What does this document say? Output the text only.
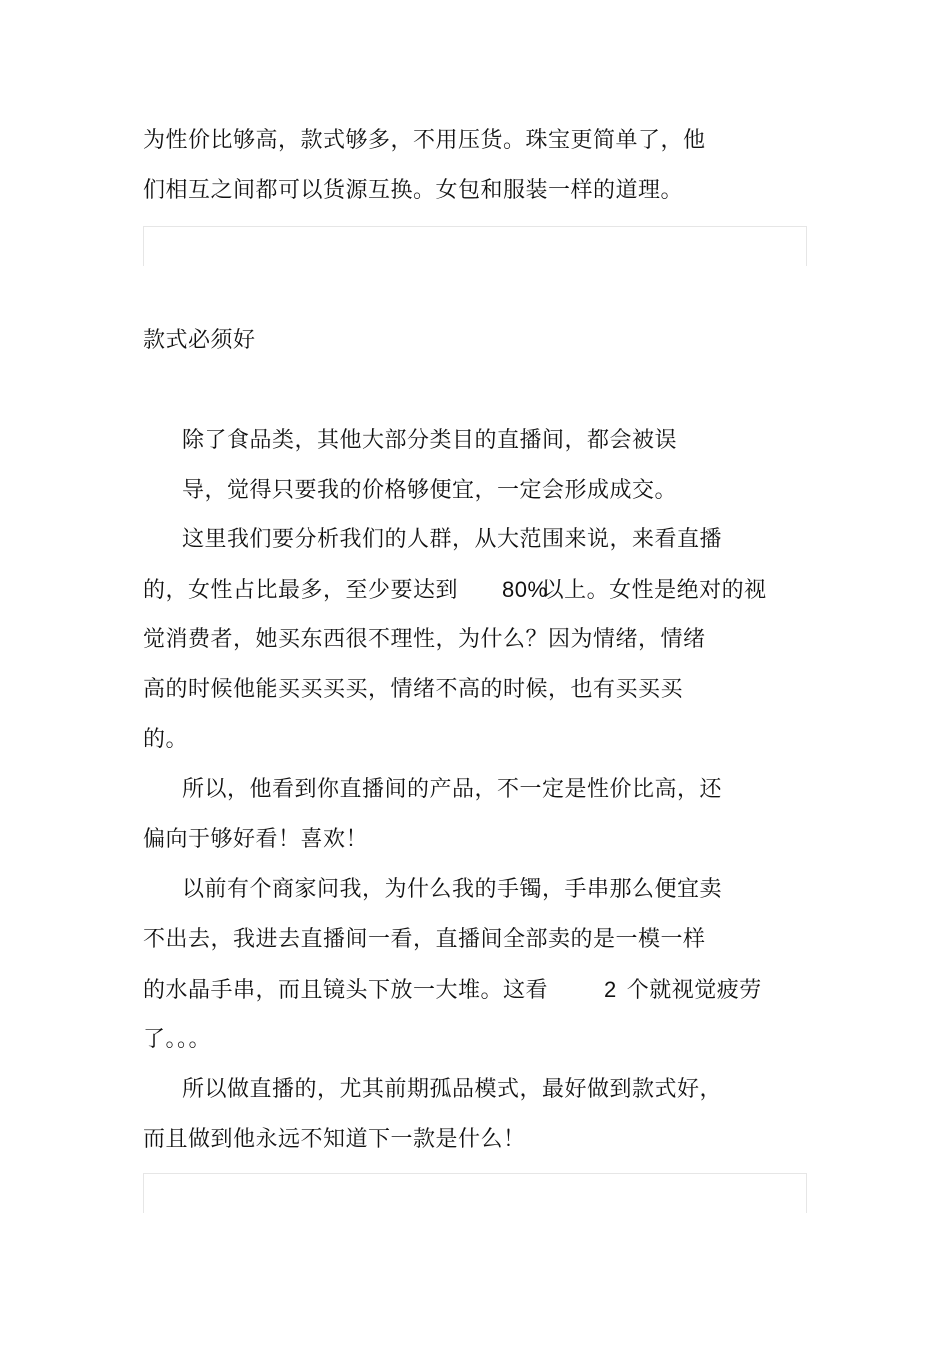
为性价比够高，款式够多，不用压货。珠宝更简单了，他
们相互之间都可以货源互换。女包和服装一样的道理。
款式必须好
除了食品类，其他大部分类目的直播间，都会被误
导，觉得只要我的价格够便宜，一定会形成成交。
这里我们要分析我们的人群，从大范围来说，来看直播
的，女性占比最多，至少要达到 80%以上。女性是绝对的视
觉消费者，她买东西很不理性，为什么？因为情绪，情绪
高的时候他能买买买买，情绪不高的时候，也有买买买
的。
所以，他看到你直播间的产品，不一定是性价比高，还
偏向于够好看！喜欢！
以前有个商家问我，为什么我的手镯，手串那么便宜卖
不出去，我进去直播间一看，直播间全部卖的是一模一样
的水晶手串，而且镜头下放一大堆。这看	2 个就视觉疲劳
了。。。
所以做直播的，尤其前期孤品模式，最好做到款式好，
而且做到他永远不知道下一款是什么！
